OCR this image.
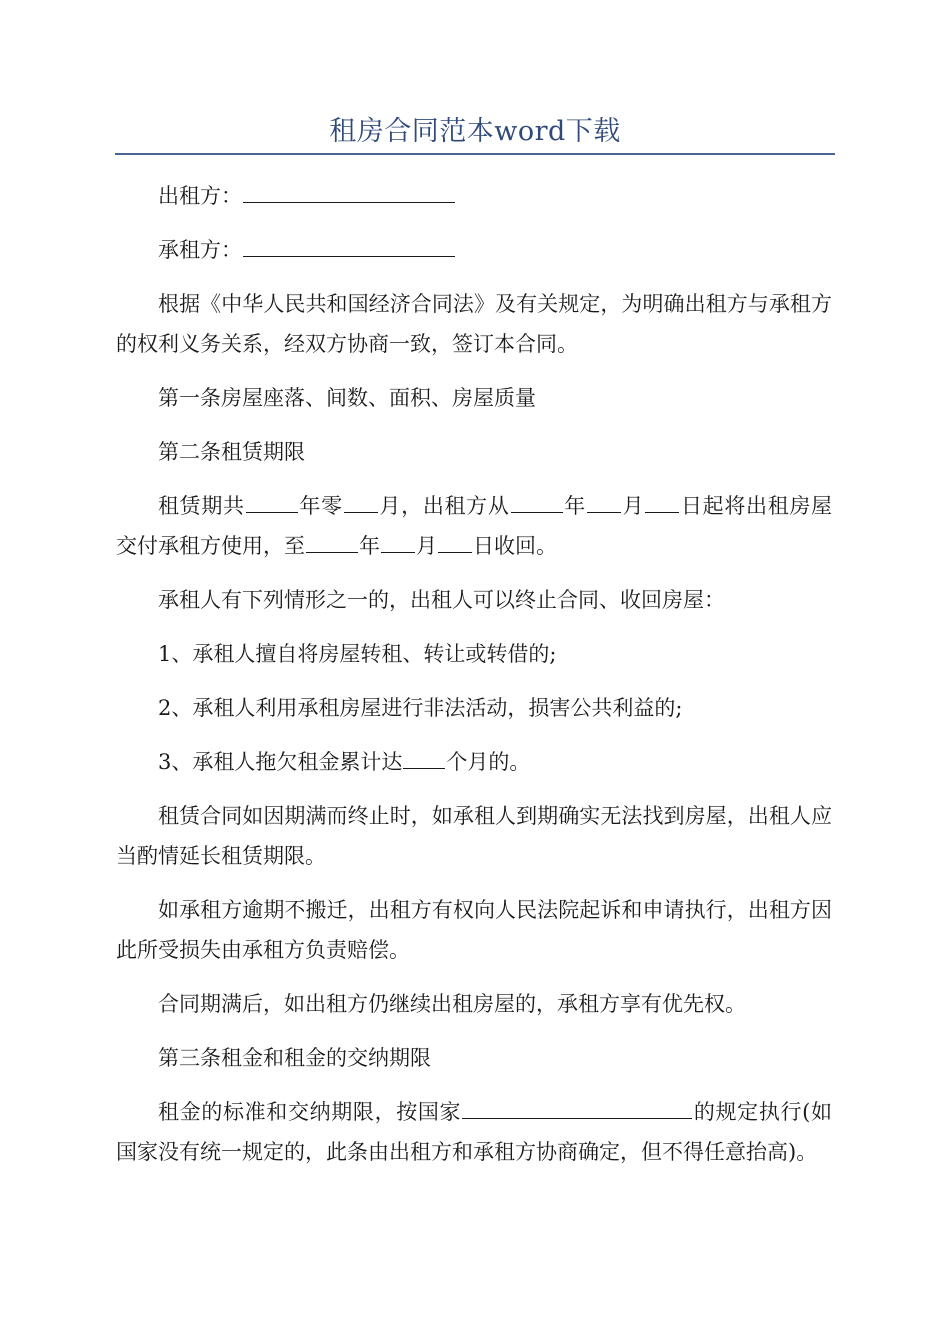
租房合同范本word下载

出租方：

承租方：

根据《中华人民共和国经济合同法》及有关规定，为明确出租方与承租方的权利义务关系，经双方协商一致，签订本合同。

第一条房屋座落、间数、面积、房屋质量

第二条租赁期限

租赁期共	年零 月，出租方从	年 月 日起将出租房屋交付承租方使用，至	年 月 日收回。

承租人有下列情形之一的，出租人可以终止合同、收回房屋：

1、承租人擅自将房屋转租、转让或转借的;

2、承租人利用承租房屋进行非法活动，损害公共利益的;

3、承租人拖欠租金累计达 个月的。

租赁合同如因期满而终止时，如承租人到期确实无法找到房屋，出租人应当酌情延长租赁期限。

如承租方逾期不搬迁，出租方有权向人民法院起诉和申请执行，出租方因此所受损失由承租方负责赔偿。

合同期满后，如出租方仍继续出租房屋的，承租方享有优先权。

第三条租金和租金的交纳期限

租金的标准和交纳期限，按国家	的规定执行(如国家没有统一规定的，此条由出租方和承租方协商确定，但不得任意抬高)。
